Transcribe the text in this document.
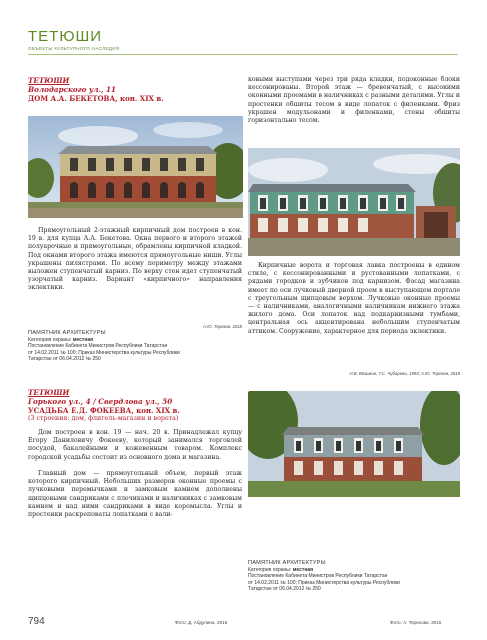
ТЕТЮШИ
ОБЪЕКТЫ КУЛЬТУРНОГО НАСЛЕДИЯ
ТЕТЮШИ
Володарского ул., 11
ДОМ А.А. БЕКЕТОВА, кон. XIX в.
ковыми выступами через три ряда кладки, подоконные блоки кессонированы. Второй этаж — бревенчатый, с высокими оконными проемами в наличниках с разными деталями. Углы и простенки обшиты тесом в виде лопаток с филенками. Фриз украшен модульонами и филенками, стены обшиты горизонтально тесом.
Прямоугольный 2-этажный кирпичный дом построен в кон. 19 в. для купца А.А. Бекетова. Окна первого и второго этажей полуарочные и прямоугольные, обрамлены кирпичной кладкой. Под окнами второго этажа имеются прямоугольные ниши. Углы украшены пилястрами. По всему периметру между этажами выложен ступенчатый карниз. По верху стен идет ступенчатый узорчатый карниз. Вариант «кирпичного» направления эклектики.
А.Ю. Терехов, 2018
ПАМЯТНИК АРХИТЕКТУРЫ
Категория охраны: местная
Постановление Кабинета Министров Республики Татарстан
от 14.02.2011 № 100; Приказ Министерства культуры Республики
Татарстан от 06.04.2012 № 250
Кирпичные ворота и торговая лавка построены в едином стиле, с кессонированными и рустованными лопатками, с рядами городков и зубчиков под карнизом. Фасад магазина имеет по оси лучковый дверной проем в выступающем портале с треугольным щипцовым верхом. Лучковые оконные проемы — с наличниками, аналогичными наличникам нижнего этажа жилого дома. Оси лопаток над подкарнизными тумбами, центральная ось акцентирована небольшим ступенчатым аттиком. Сооружение, характерное для периода эклектики.
Н.В. Вязьмин, Т.С. Чубарева, 1993; А.Ю. Терехов, 2018
ТЕТЮШИ
Горького ул., 4 / Свердлова ул., 50
УСАДЬБА Е.Д. ФОКЕЕВА, кон. XIX в.
(3 строения: дом, флигель-магазин и ворота)
Дом построен в кон. 19 — нач. 20 в. Принадлежал купцу Егору Даниловичу Фокееву, который занимался торговлей посудой, бакалейными и кожевенным товаром. Комплекс городской усадьбы состоит из основного дома и магазина.
Главный дом — прямоугольный объем, первый этаж которого кирпичный. Небольших размеров оконные проемы с лучковыми перемычками и замковым камнем дополнены щипцовыми сандриками с плечиками и наличниках с замковым камнем и над ними сандриками в виде коромысла. Углы и простенки раскреповаты лопатками с вали-
ПАМЯТНИК АРХИТЕКТУРЫ
Категория охраны: местная
Постановление Кабинета Министров Республики Татарстан
от 14.02.2011 № 100; Приказ Министерства культуры Республики
Татарстан от 06.04.2012 № 250
794	Фото: Д. Абдулина, 2015	Фото: А. Терехова, 2015
